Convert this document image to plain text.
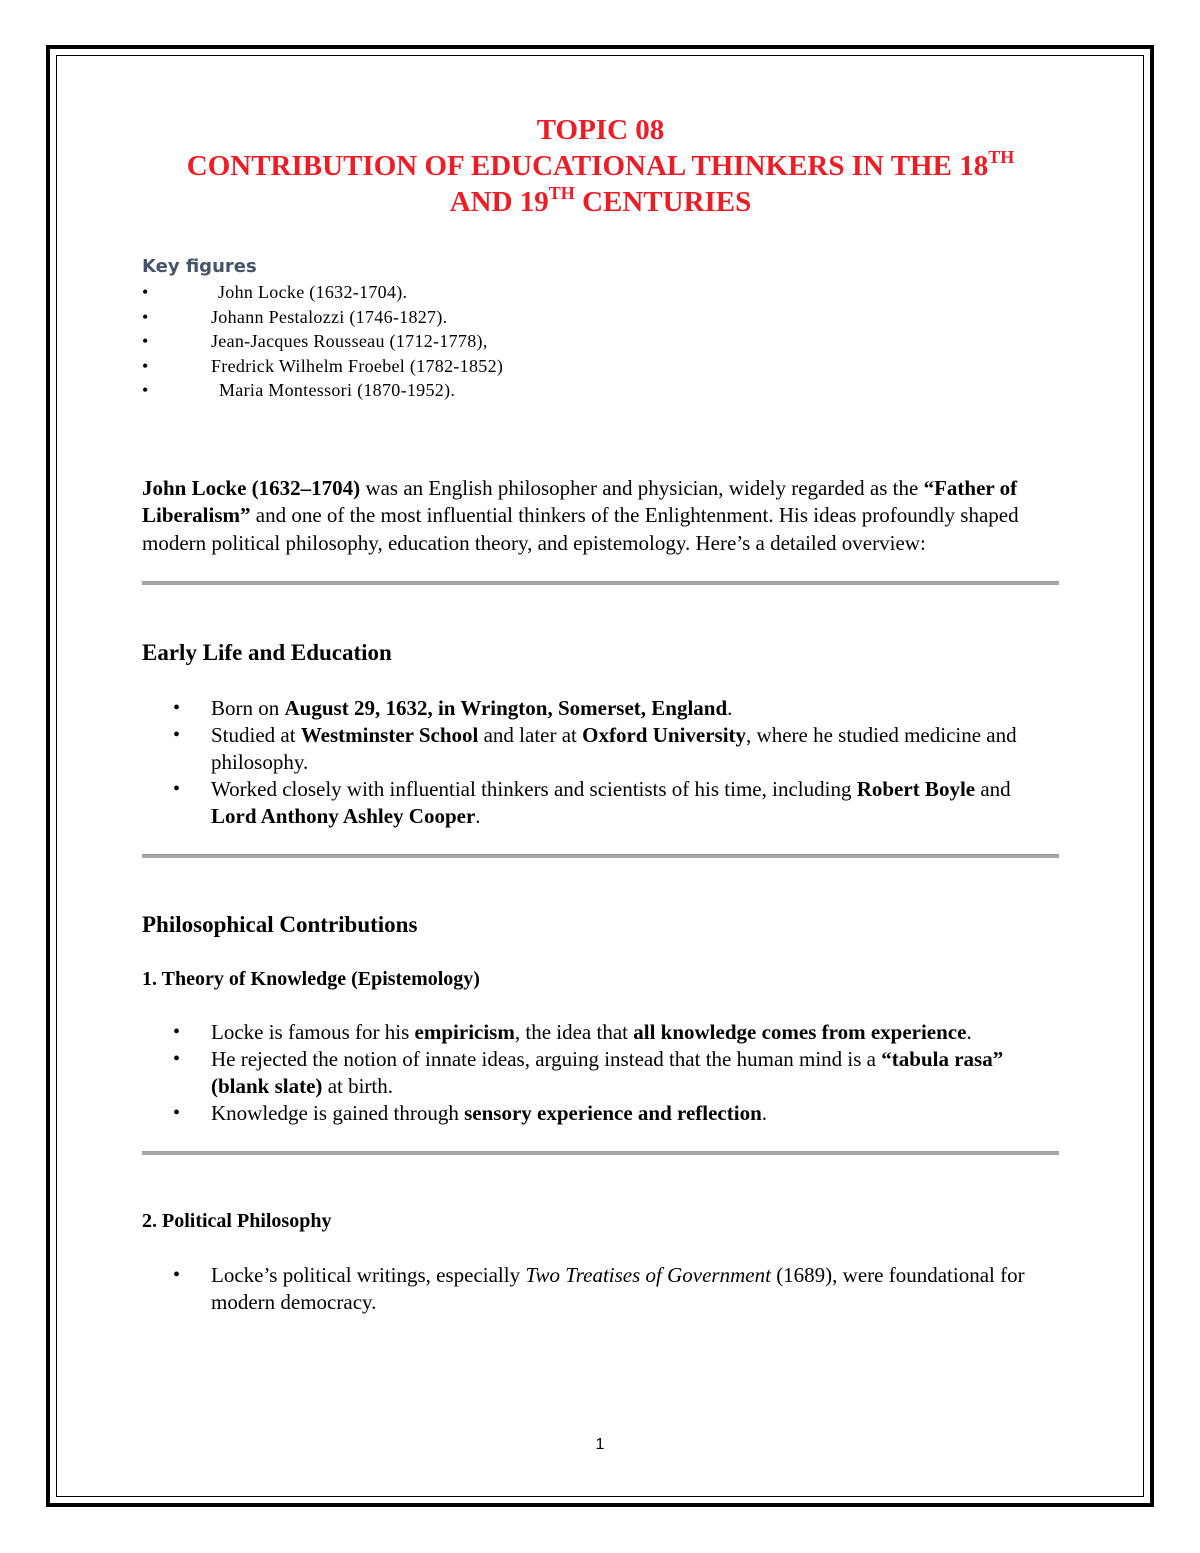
TOPIC 08
CONTRIBUTION OF EDUCATIONAL THINKERS IN THE 18TH
AND 19TH CENTURIES
Key figures
• John Locke (1632-1704).
• Johann Pestalozzi (1746-1827).
• Jean-Jacques Rousseau (1712-1778),
• Fredrick Wilhelm Froebel (1782-1852)
• Maria Montessori (1870-1952).

John Locke (1632–1704) was an English philosopher and physician, widely regarded as the “Father of Liberalism” and one of the most influential thinkers of the Enlightenment. His ideas profoundly shaped modern political philosophy, education theory, and epistemology. Here’s a detailed overview:

Early Life and Education
• Born on August 29, 1632, in Wrington, Somerset, England.
• Studied at Westminster School and later at Oxford University, where he studied medicine and philosophy.
• Worked closely with influential thinkers and scientists of his time, including Robert Boyle and Lord Anthony Ashley Cooper.
Philosophical Contributions
1. Theory of Knowledge (Epistemology)
• Locke is famous for his empiricism, the idea that all knowledge comes from experience.
• He rejected the notion of innate ideas, arguing instead that the human mind is a “tabula rasa” (blank slate) at birth.
• Knowledge is gained through sensory experience and reflection.
2. Political Philosophy
• Locke’s political writings, especially Two Treatises of Government (1689), were foundational for modern democracy.
1
